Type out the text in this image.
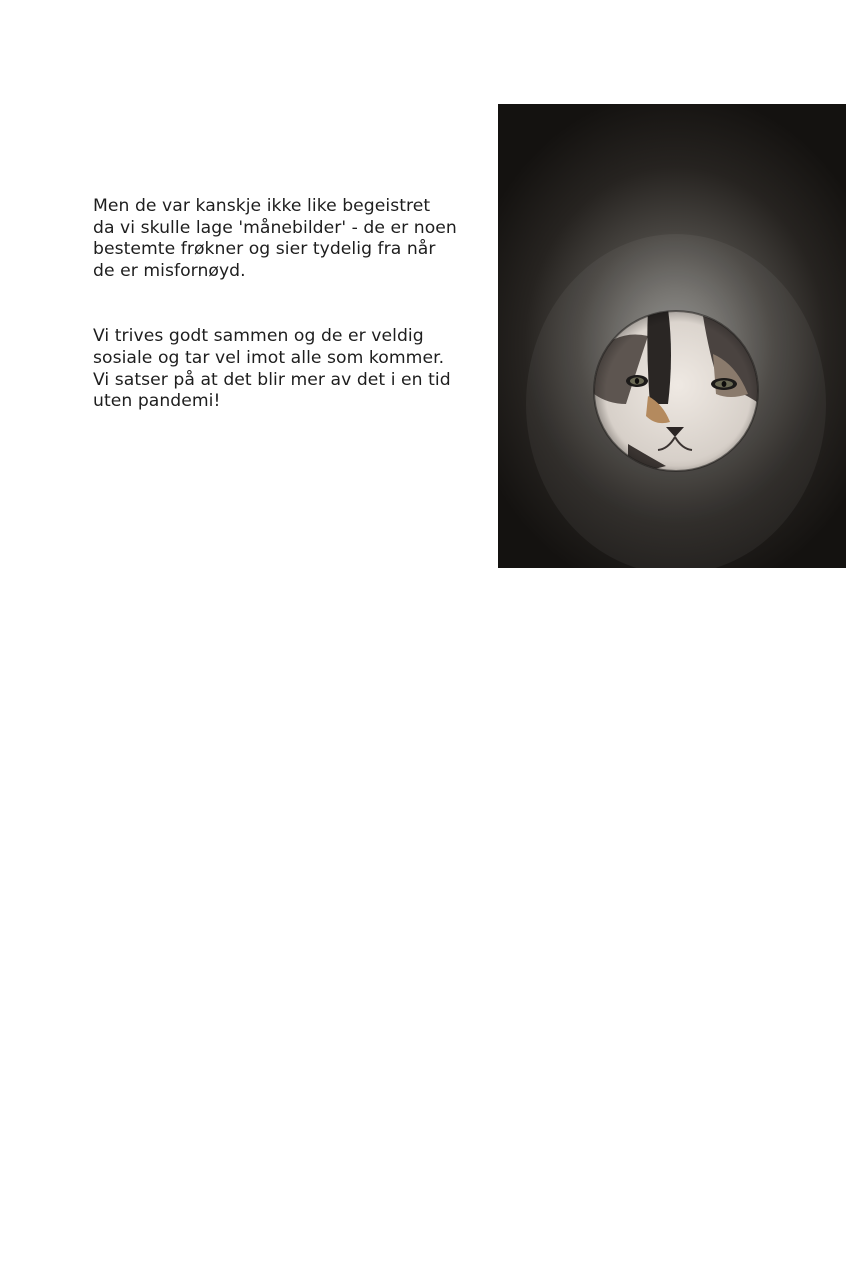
Men de var kanskje ikke like begeistret
da vi skulle lage 'månebilder' - de er noen
bestemte frøkner og sier tydelig fra når
de er misfornøyd.

Vi trives godt sammen og de er veldig
sosiale og tar vel imot alle som kommer.
Vi satser på at det blir mer av det i en tid
uten pandemi!
